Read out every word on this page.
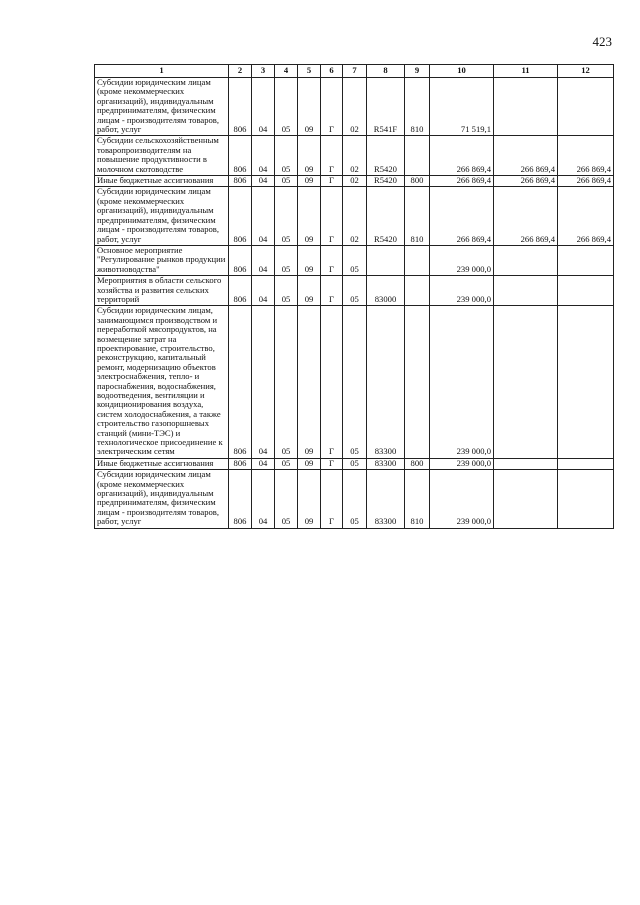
423
1	2	3	4	5	6	7	8	9	10	11	12
Субсидии юридическим лицам (кроме некоммерческих организаций), индивидуальным предпринимателям, физическим лицам - производителям товаров, работ, услуг	806	04	05	09	Г	02	R541F	810	71 519,1		
Субсидии сельскохозяйственным товаропроизводителям на повышение продуктивности в молочном скотоводстве	806	04	05	09	Г	02	R5420		266 869,4	266 869,4	266 869,4
Иные бюджетные ассигнования	806	04	05	09	Г	02	R5420	800	266 869,4	266 869,4	266 869,4
Субсидии юридическим лицам (кроме некоммерческих организаций), индивидуальным предпринимателям, физическим лицам - производителям товаров, работ, услуг	806	04	05	09	Г	02	R5420	810	266 869,4	266 869,4	266 869,4
Основное мероприятие "Регулирование рынков продукции животноводства"	806	04	05	09	Г	05			239 000,0		
Мероприятия в области сельского хозяйства и развития сельских территорий	806	04	05	09	Г	05	83000		239 000,0		
Субсидии юридическим лицам, занимающимся производством и переработкой мясопродуктов, на возмещение затрат на проектирование, строительство, реконструкцию, капитальный ремонт, модернизацию объектов электроснабжения, тепло- и пароснабжения, водоснабжения, водоотведения, вентиляции и кондиционирования воздуха, систем холодоснабжения, а также строительство газопоршневых станций (мини-ТЭС) и технологическое присоединение к электрическим сетям	806	04	05	09	Г	05	83300		239 000,0		
Иные бюджетные ассигнования	806	04	05	09	Г	05	83300	800	239 000,0		
Субсидии юридическим лицам (кроме некоммерческих организаций), индивидуальным предпринимателям, физическим лицам - производителям товаров, работ, услуг	806	04	05	09	Г	05	83300	810	239 000,0		
